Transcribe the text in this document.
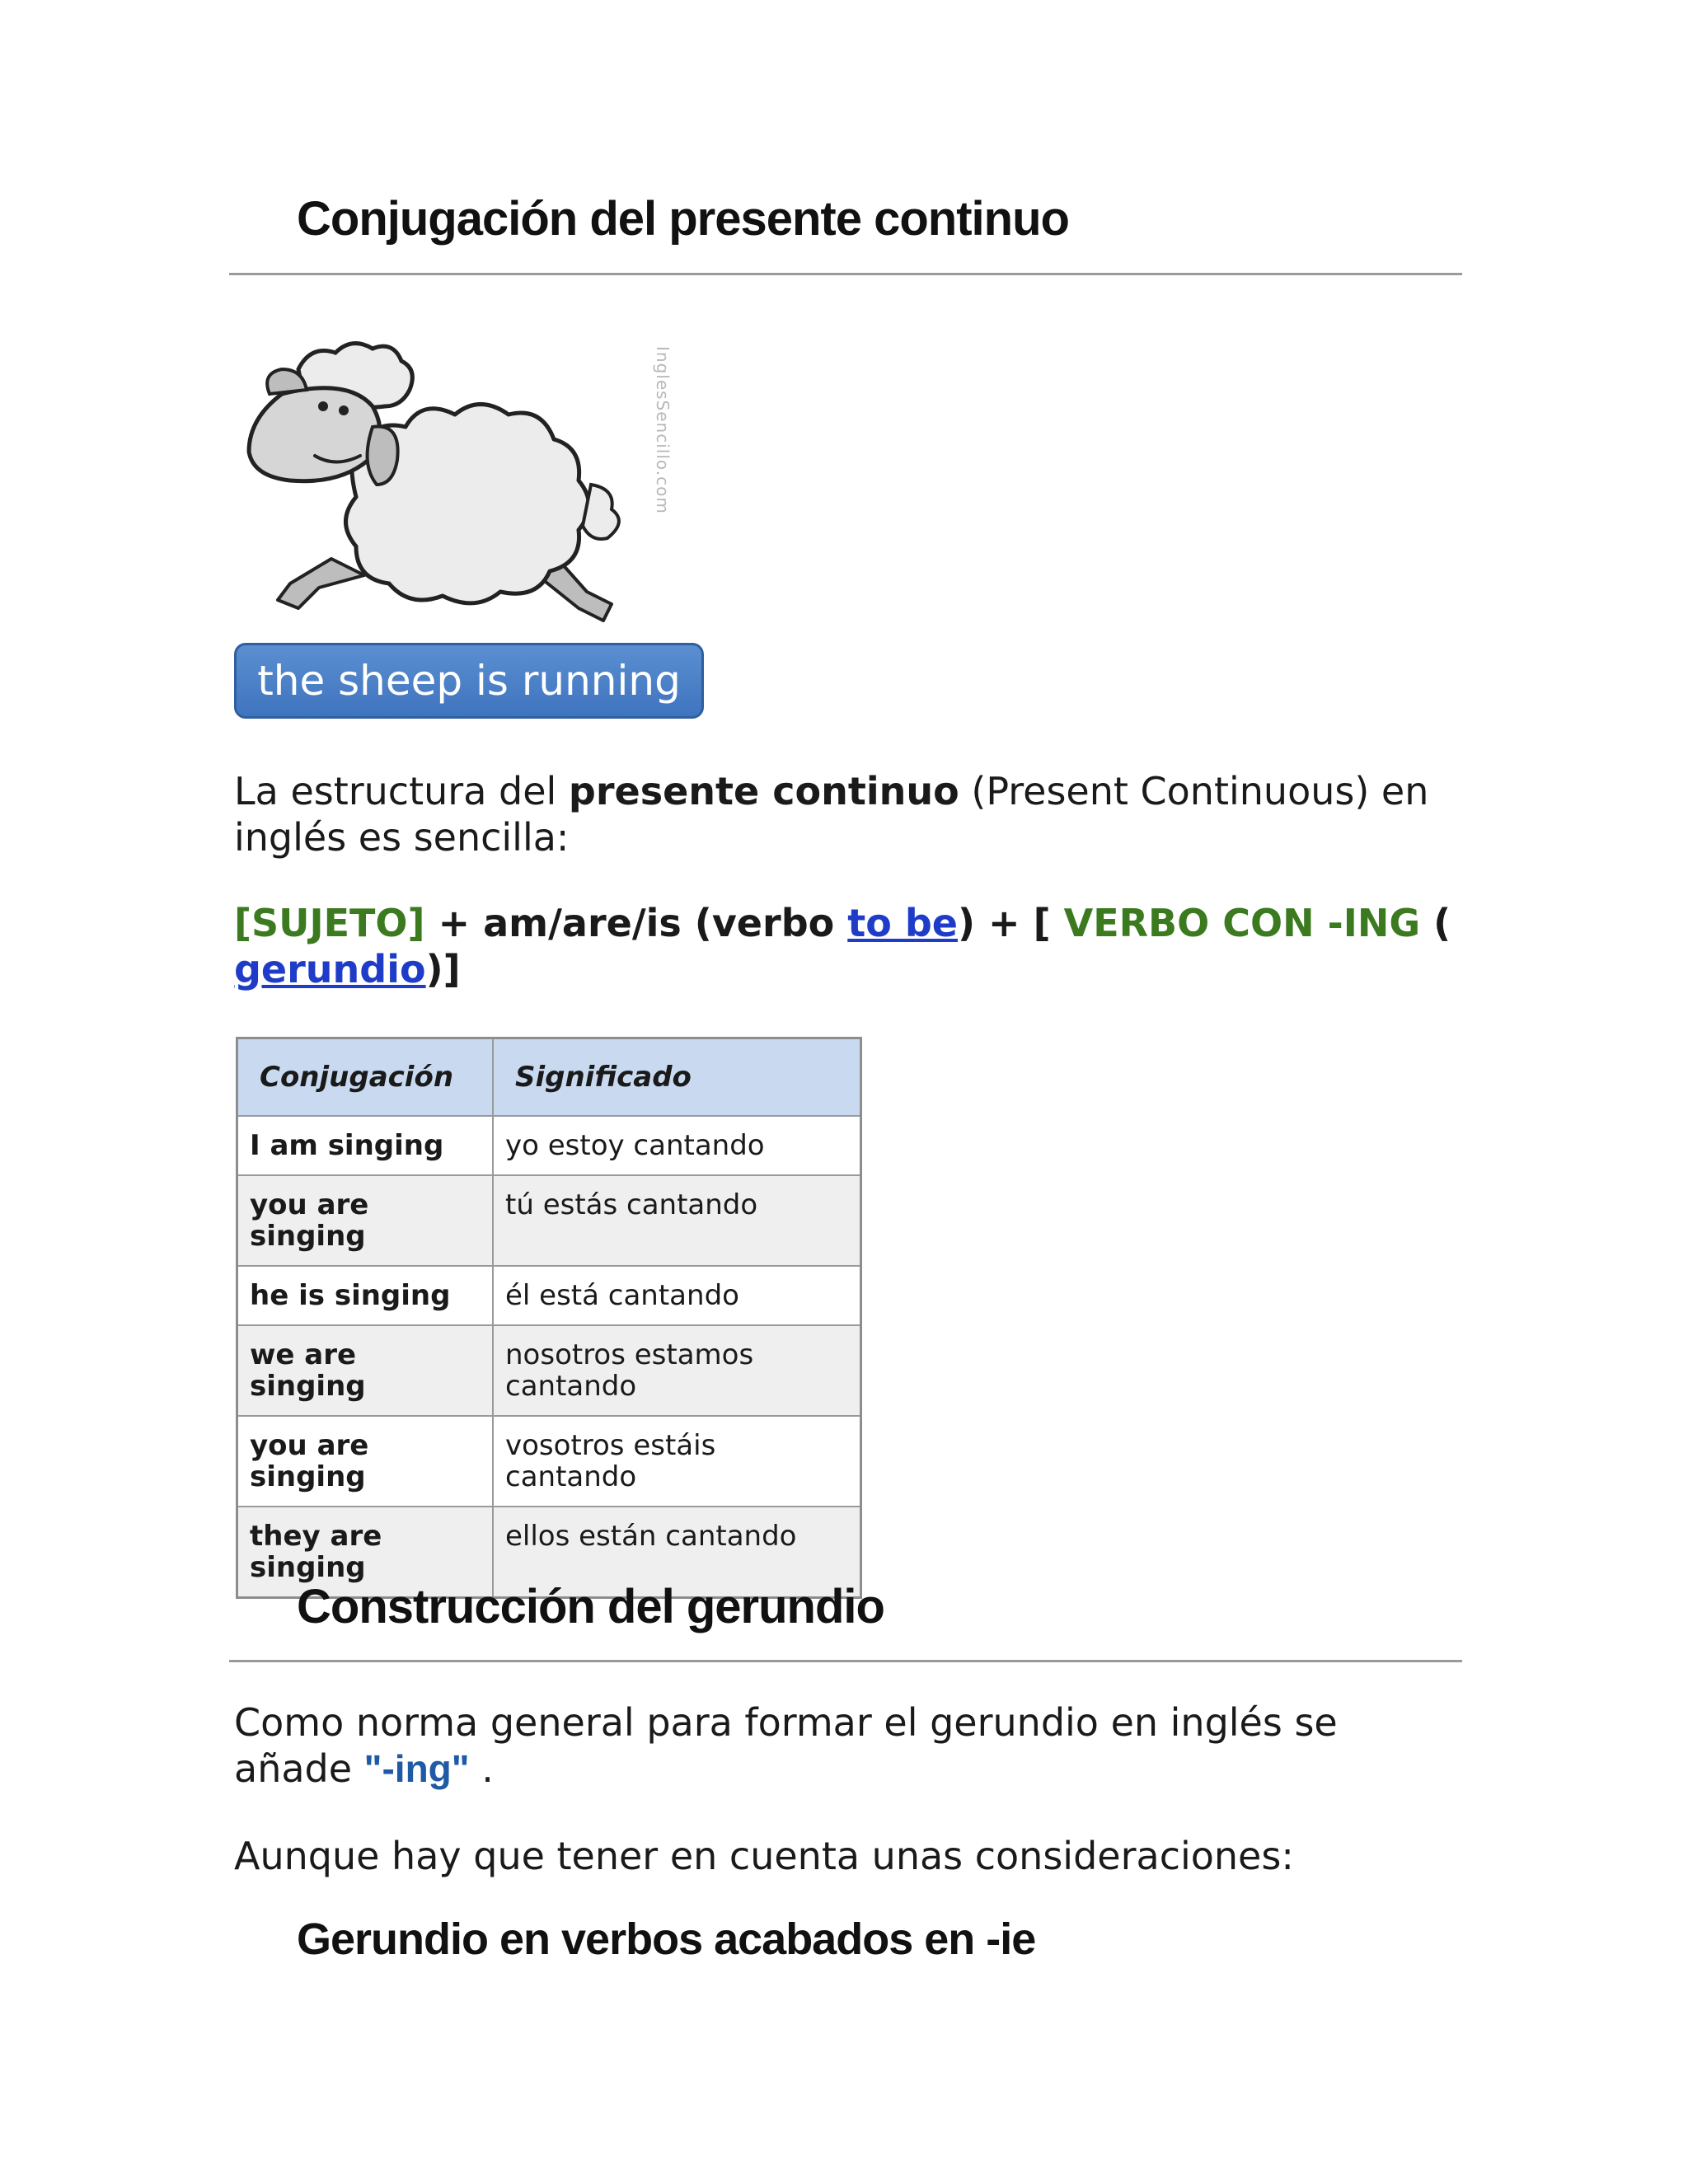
Conjugación del presente continuo
InglesSencillo.com
the sheep is running

La estructura del presente continuo (Present Continuous) en inglés es sencilla:

[SUJETO] + am/are/is (verbo to be) + [ VERBO CON -ING ( gerundio)]

Conjugación	Significado
I am singing	yo estoy cantando
you are singing	tú estás cantando
he is singing	él está cantando
we are singing	nosotros estamos cantando
you are singing	vosotros estáis cantando
they are singing	ellos están cantando
Construcción del gerundio

Como norma general para formar el gerundio en inglés se añade "-ing" .

Aunque hay que tener en cuenta unas consideraciones:

Gerundio en verbos acabados en -ie
